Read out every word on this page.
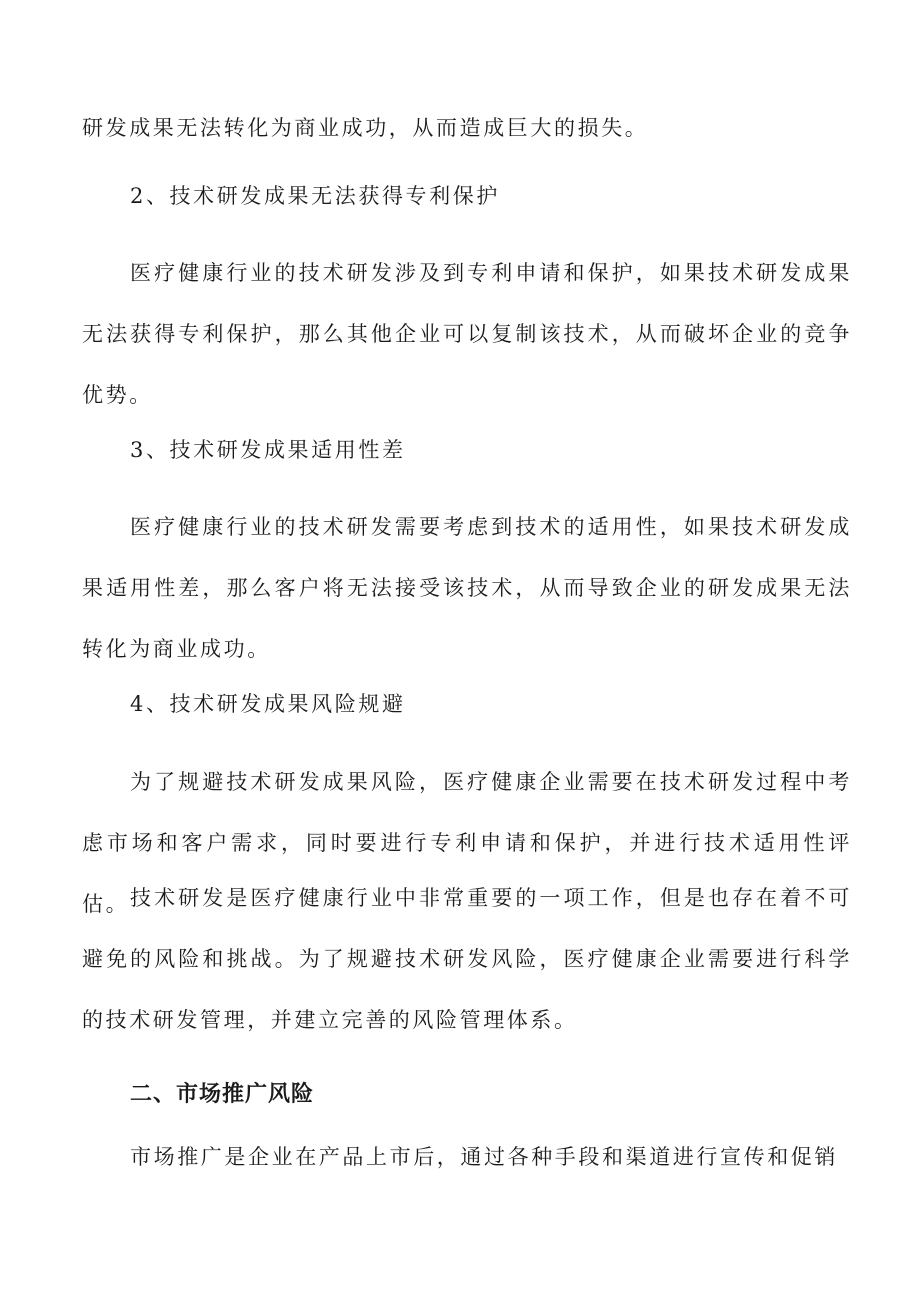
研发成果无法转化为商业成功，从而造成巨大的损失。
2、技术研发成果无法获得专利保护
医疗健康行业的技术研发涉及到专利申请和保护，如果技术研发成果无法获得专利保护，那么其他企业可以复制该技术，从而破坏企业的竞争优势。
3、技术研发成果适用性差
医疗健康行业的技术研发需要考虑到技术的适用性，如果技术研发成果适用性差，那么客户将无法接受该技术，从而导致企业的研发成果无法转化为商业成功。
4、技术研发成果风险规避
为了规避技术研发成果风险，医疗健康企业需要在技术研发过程中考虑市场和客户需求，同时要进行专利申请和保护，并进行技术适用性评估。 技术研发是医疗健康行业中非常重要的一项工作，但是也存在着不可避免的风险和挑战。为了规避技术研发风险，医疗健康企业需要进行科学的技术研发管理，并建立完善的风险管理体系。
二、市场推广风险
市场推广是企业在产品上市后，通过各种手段和渠道进行宣传和促销
